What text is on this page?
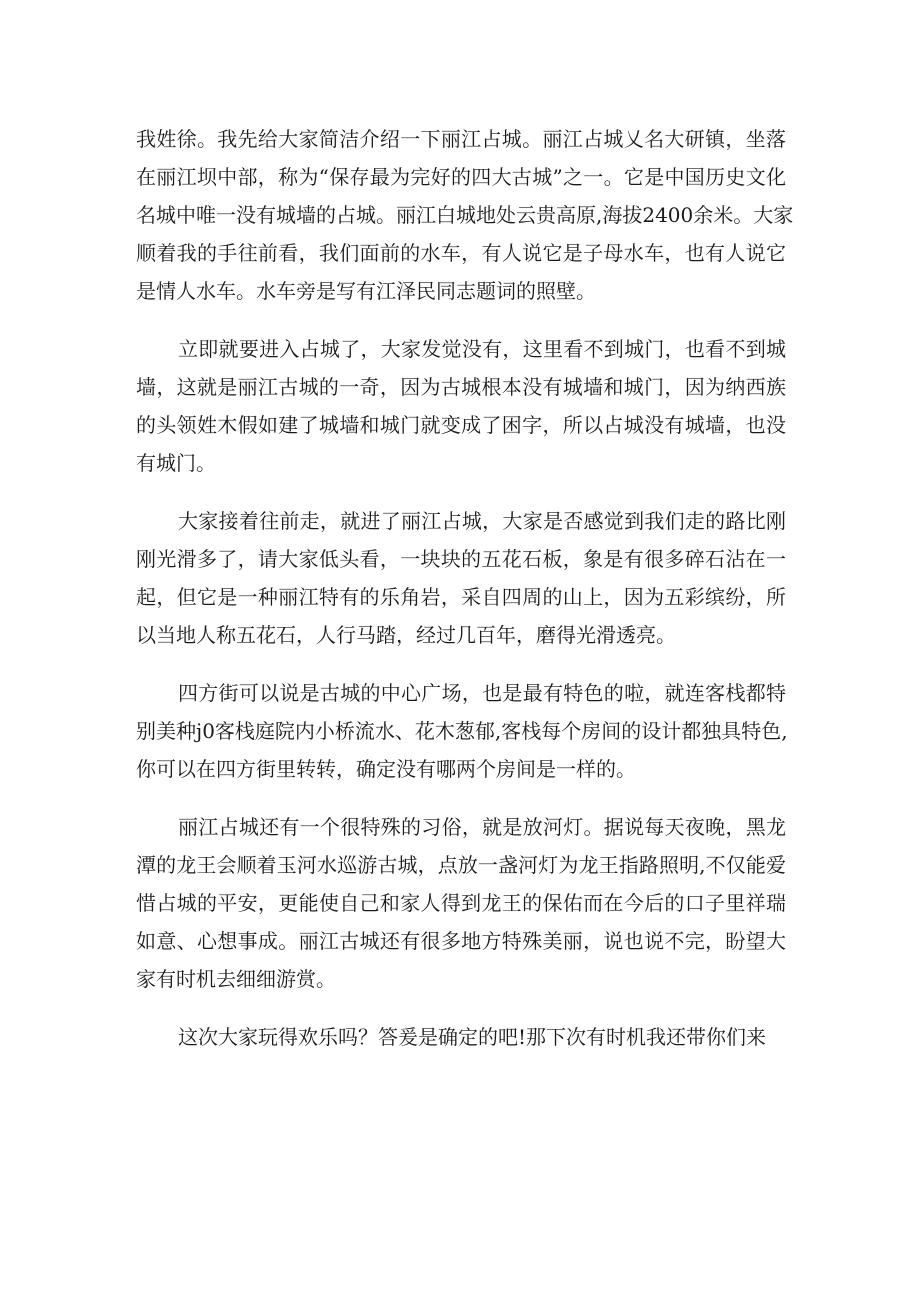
我姓徐。我先给大家简洁介绍一下丽江占城。丽江占城乂名大研镇，坐落
在丽江坝中部，称为“保存最为完好的四大古城”之一。它是中国历史文化
名城中唯一没有城墙的占城。丽江白城地处云贵高原,海拔2400余米。大家
顺着我的手往前看，我们面前的水车，有人说它是子母水车，也有人说它
是情人水车。水车旁是写有江泽民同志题词的照壁。
立即就要进入占城了，大家发觉没有，这里看不到城门，也看不到城
墙，这就是丽江古城的一奇，因为古城根本没有城墙和城门，因为纳西族
的头领姓木假如建了城墙和城门就变成了困字，所以占城没有城墙，也没
有城门。
大家接着往前走，就进了丽江占城，大家是否感觉到我们走的路比刚
刚光滑多了，请大家低头看，一块块的五花石板，象是有很多碎石沾在一
起，但它是一种丽江特有的乐角岩，采自四周的山上，因为五彩缤纷，所
以当地人称五花石，人行马踏，经过几百年，磨得光滑透亮。
四方街可以说是古城的中心广场，也是最有特色的啦，就连客栈都特
别美种j0客栈庭院内小桥流水、花木葱郁,客栈每个房间的设计都独具特色,
你可以在四方街里转转，确定没有哪两个房间是一样的。
丽江占城还有一个很特殊的习俗，就是放河灯。据说每天夜晚，黑龙
潭的龙王会顺着玉河水巡游古城，点放一盏河灯为龙王指路照明,不仅能爱
惜占城的平安，更能使自己和家人得到龙王的保佑而在今后的口子里祥瑞
如意、心想事成。丽江古城还有很多地方特殊美丽，说也说不完，盼望大
家有时机去细细游赏。
这次大家玩得欢乐吗？答爰是确定的吧!那下次有时机我还带你们来
